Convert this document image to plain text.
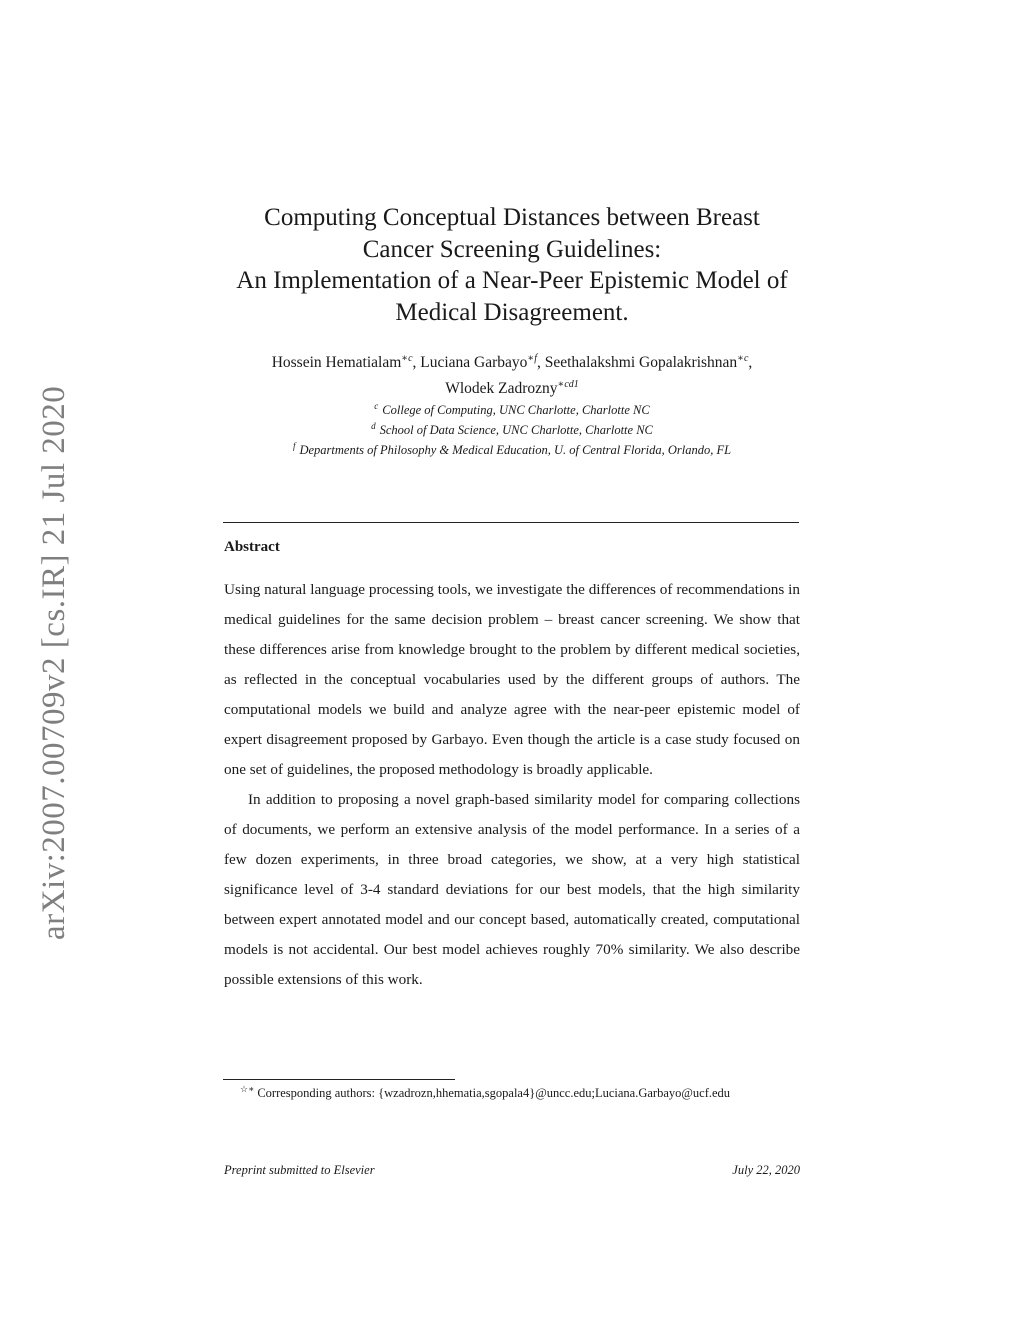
arXiv:2007.00709v2 [cs.IR] 21 Jul 2020
Computing Conceptual Distances between Breast
Cancer Screening Guidelines:
An Implementation of a Near-Peer Epistemic Model of
Medical Disagreement.
Hossein Hematialam$^{∗c}$, Luciana Garbayo$^{∗f}$, Seethalakshmi Gopalakrishnan$^{∗c}$,
Wlodek Zadrozny$^{∗cd1}$
$^c$ College of Computing, UNC Charlotte, Charlotte NC
$^d$ School of Data Science, UNC Charlotte, Charlotte NC
$^f$ Departments of Philosophy & Medical Education, U. of Central Florida, Orlando, FL
Abstract

Using natural language processing tools, we investigate the differences of recommendations in medical guidelines for the same decision problem – breast cancer screening. We show that these differences arise from knowledge brought to the problem by different medical societies, as reflected in the conceptual vocabularies used by the different groups of authors. The computational models we build and analyze agree with the near-peer epistemic model of expert disagreement proposed by Garbayo. Even though the article is a case study focused on one set of guidelines, the proposed methodology is broadly applicable.

In addition to proposing a novel graph-based similarity model for comparing collections of documents, we perform an extensive analysis of the model performance. In a series of a few dozen experiments, in three broad categories, we show, at a very high statistical significance level of 3-4 standard deviations for our best models, that the high similarity between expert annotated model and our concept based, automatically created, computational models is not accidental. Our best model achieves roughly 70% similarity. We also describe possible extensions of this work.

☆∗ Corresponding authors: {wzadrozn,hhematia,sgopala4}@uncc.edu;Luciana.Garbayo@ucf.edu
Preprint submitted to Elsevier	July 22, 2020
